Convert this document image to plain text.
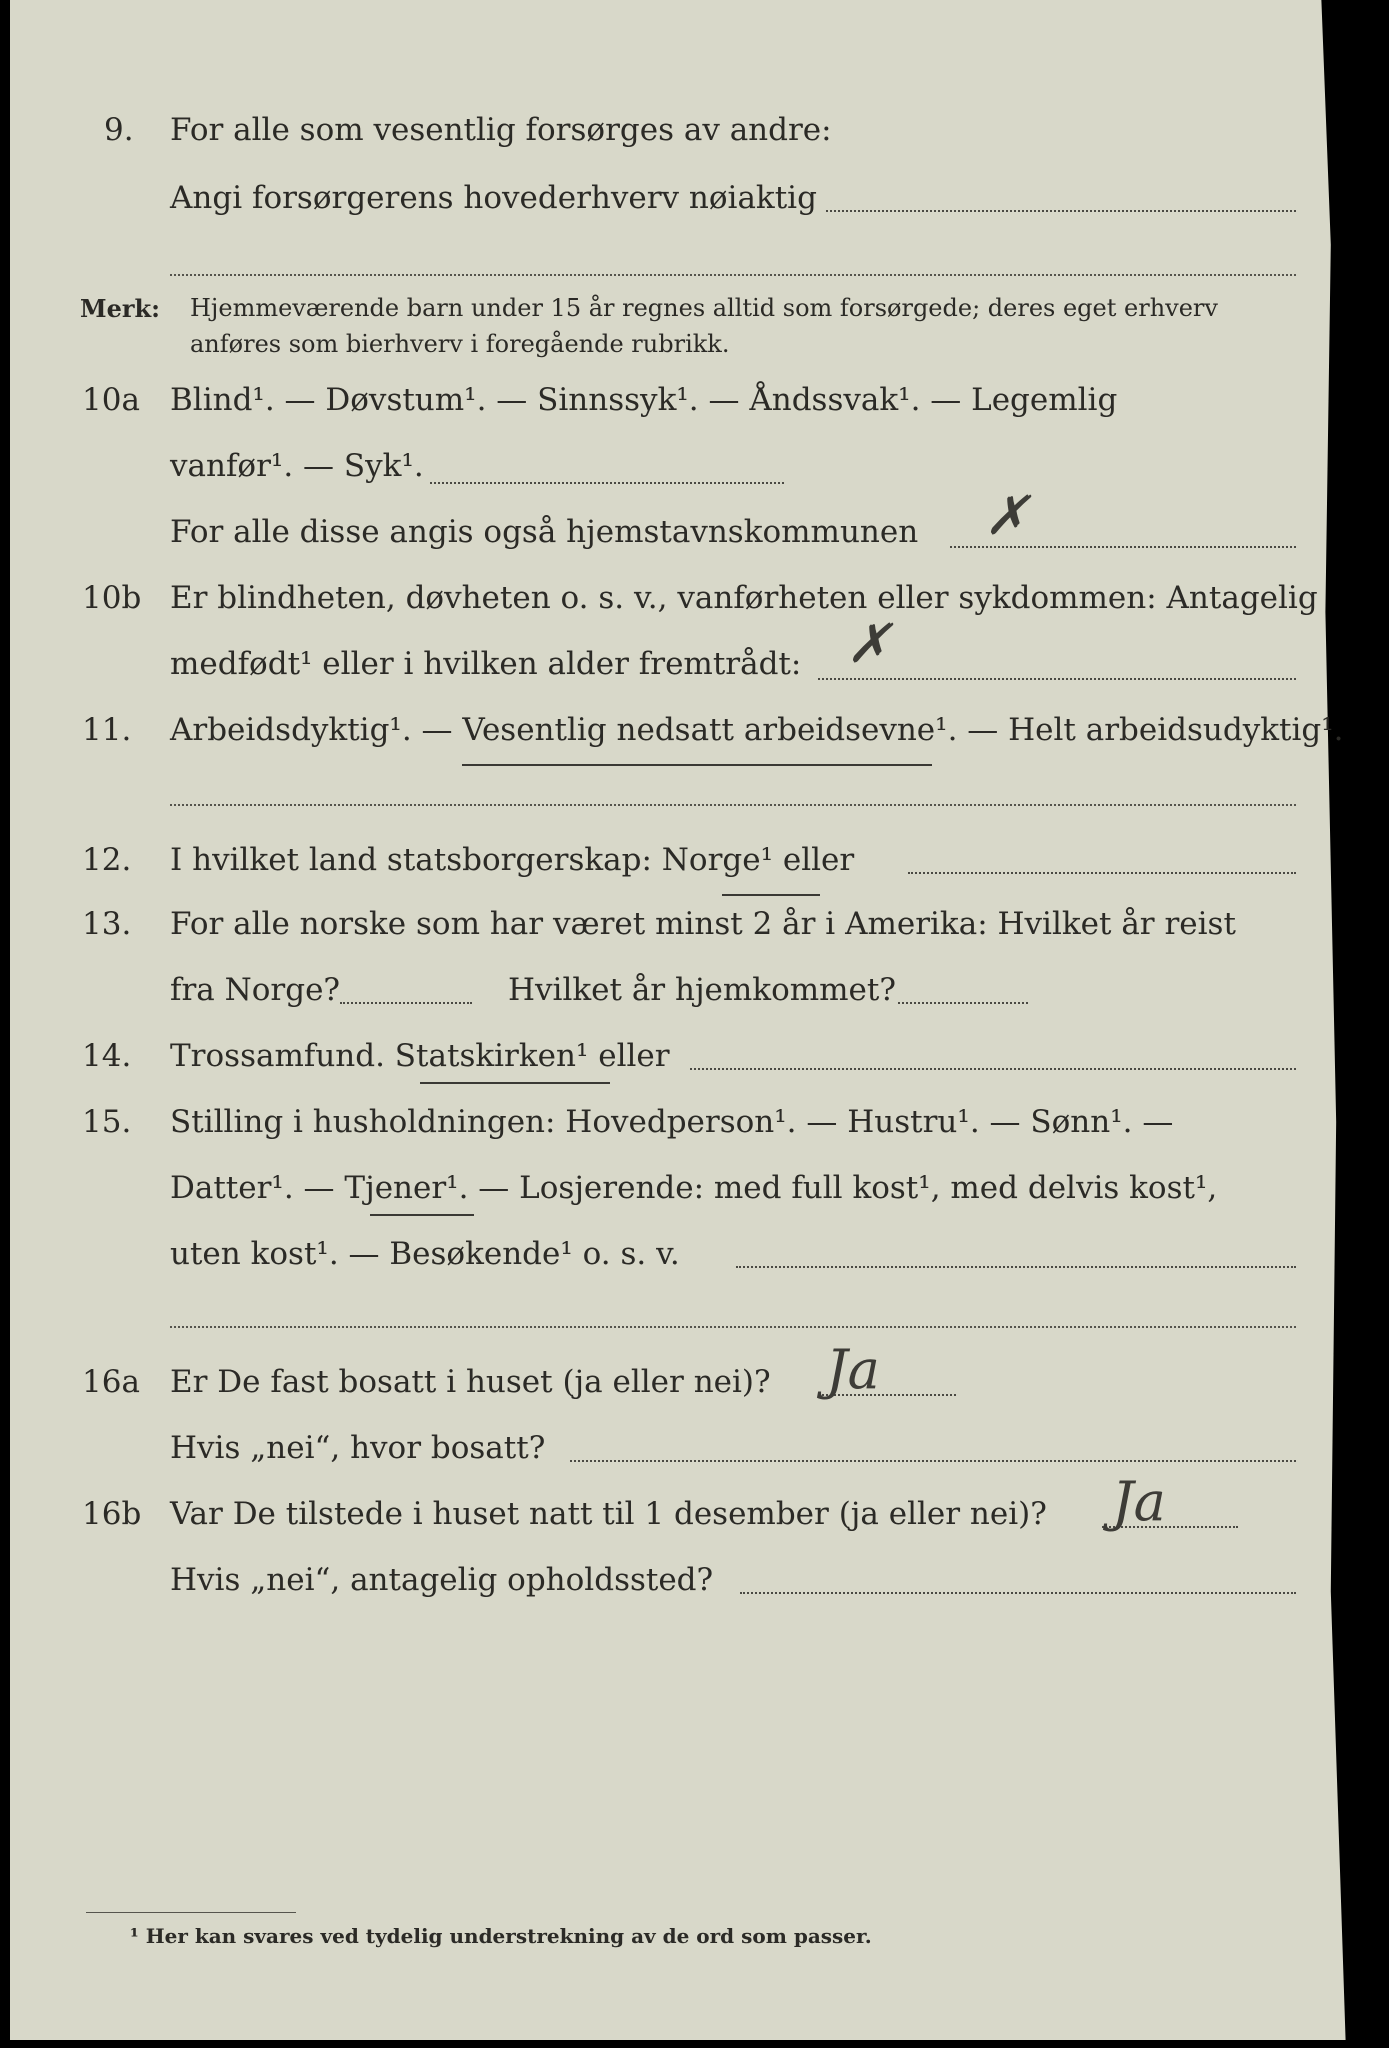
9. For alle som vesentlig forsørges av andre:
Angi forsørgerens hovederhverv nøiaktig
Merk: Hjemmeværende barn under 15 år regnes alltid som forsørgede; deres eget erhverv
anføres som bierhverv i foregående rubrikk.
10a Blind¹. — Døvstum¹. — Sinnssyk¹. — Åndssvak¹. — Legemlig
vanfør¹. — Syk¹.
For alle disse angis også hjemstavnskommunen ✗
10b Er blindheten, døvheten o. s. v., vanførheten eller sykdommen: Antagelig
medfødt¹ eller i hvilken alder fremtrådt: ✗
11. Arbeidsdyktig¹. — Vesentlig nedsatt arbeidsevne¹. — Helt arbeidsudyktig¹.
12. I hvilket land statsborgerskap: Norge¹ eller
13. For alle norske som har været minst 2 år i Amerika: Hvilket år reist
fra Norge?	Hvilket år hjemkommet?
14. Trossamfund. Statskirken¹ eller
15. Stilling i husholdningen: Hovedperson¹. — Hustru¹. — Sønn¹. —
Datter¹. — Tjener¹. — Losjerende: med full kost¹, med delvis kost¹,
uten kost¹. — Besøkende¹ o. s. v.
16a Er De fast bosatt i huset (ja eller nei)? Ja
Hvis „nei“, hvor bosatt?
16b Var De tilstede i huset natt til 1 desember (ja eller nei)? Ja
Hvis „nei“, antagelig opholdssted?
¹ Her kan svares ved tydelig understrekning av de ord som passer.
